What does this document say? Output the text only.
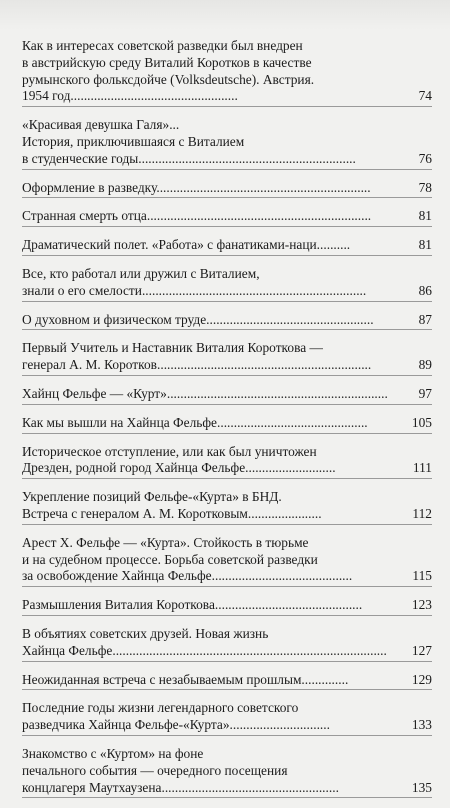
Как в интересах советской разведки был внедрен
в австрийскую среду Виталий Коротков в качестве
румынского фольксдойче (Volksdeutsche). Австрия.
1954 год..................................................	74
«Красивая девушка Галя»...
История, приключившаяся с Виталием
в студенческие годы.................................................................	76
Оформление в разведку................................................................	78
Странная смерть отца...................................................................	81
Драматический полет. «Работа» с фанатиками-наци..........	81
Все, кто работал или дружил с Виталием,
знали о его смелости...................................................................	86
О духовном и физическом труде..................................................	87
Первый Учитель и Наставник Виталия Короткова —
генерал А. М. Коротков................................................................	89
Хайнц Фельфе — «Курт».................................................................. 97
Как мы вышли на Хайнца Фельфе.............................................	105
Историческое отступление, или как был уничтожен
Дрезден, родной город Хайнца Фельфе...........................	111
Укрепление позиций Фельфе-«Курта» в БНД.
Встреча с генералом А. М. Коротковым......................	112
Арест Х. Фельфе — «Курта». Стойкость в тюрьме
и на судебном процессе. Борьба советской разведки
за освобождение Хайнца Фельфе..........................................	115
Размышления Виталия Короткова............................................	123
В объятиях советских друзей. Новая жизнь
Хайнца Фельфе.................................................................................. 127
Неожиданная встреча с незабываемым прошлым..............	129
Последние годы жизни легендарного советского
разведчика Хайнца Фельфе-«Курта»..............................	133
Знакомство с «Куртом» на фоне
печального события — очередного посещения
концлагеря Маутхаузена.....................................................	135
